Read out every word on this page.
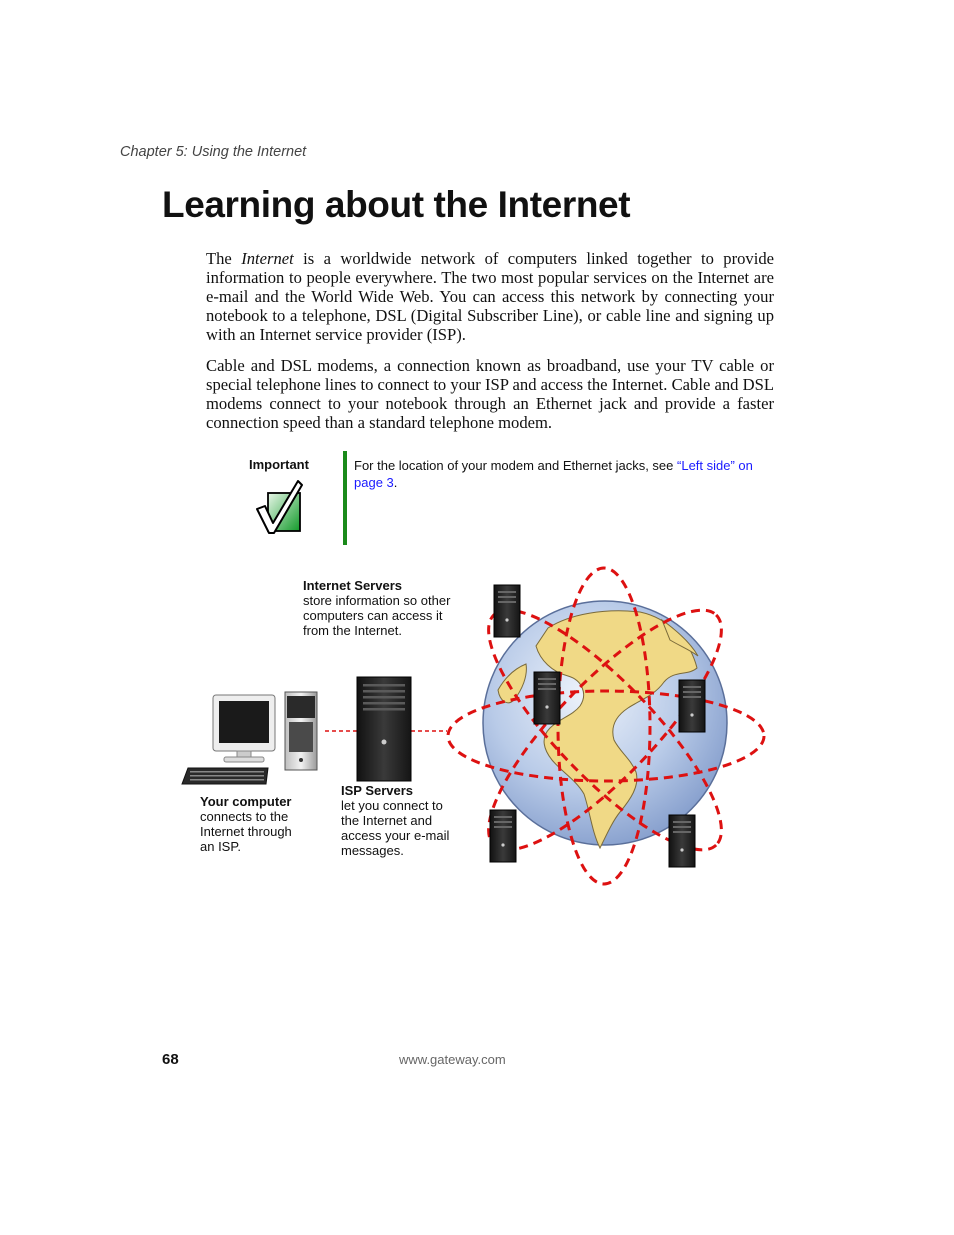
Chapter 5: Using the Internet
Learning about the Internet

The Internet is a worldwide network of computers linked together to provide information to people everywhere. The two most popular services on the Internet are e-mail and the World Wide Web. You can access this network by connecting your notebook to a telephone, DSL (Digital Subscriber Line), or cable line and signing up with an Internet service provider (ISP).

Cable and DSL modems, a connection known as broadband, use your TV cable or special telephone lines to connect to your ISP and access the Internet. Cable and DSL modems connect to your notebook through an Ethernet jack and provide a faster connection speed than a standard telephone modem.

Important	For the location of your modem and Ethernet jacks, see “Left side” on page 3.
Internet Servers
store information so other computers can access it from the Internet.
Your computer
connects to the Internet through an ISP.
ISP Servers
let you connect to the Internet and access your e-mail messages.
68	www.gateway.com
